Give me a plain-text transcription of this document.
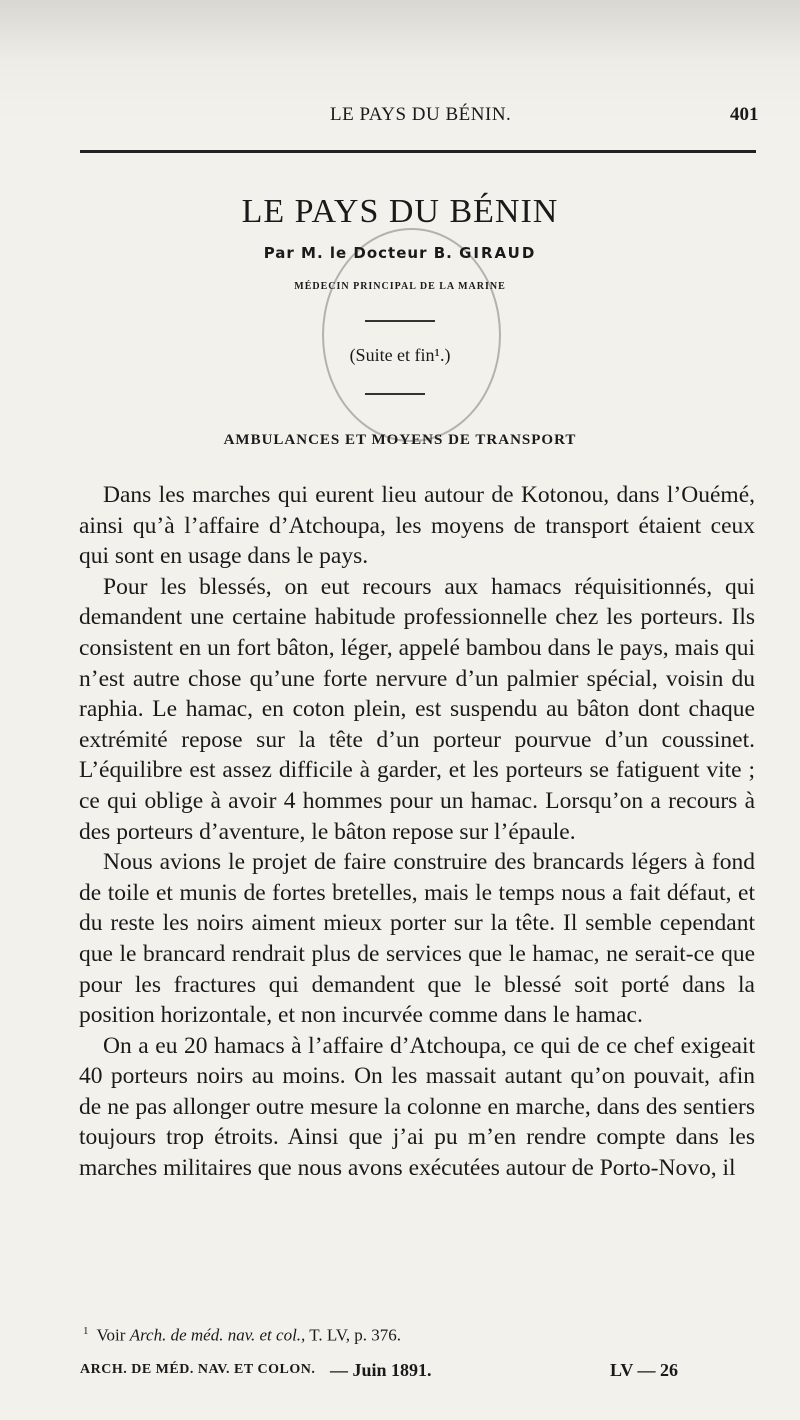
LE PAYS DU BÉNIN.	401
LE PAYS DU BÉNIN
Par M. le Docteur B. GIRAUD
MÉDECIN PRINCIPAL DE LA MARINE
(Suite et fin¹.)
AMBULANCES ET MOYENS DE TRANSPORT

Dans les marches qui eurent lieu autour de Kotonou, dans l’Ouémé, ainsi qu’à l’affaire d’Atchoupa, les moyens de transport étaient ceux qui sont en usage dans le pays.

Pour les blessés, on eut recours aux hamacs réquisitionnés, qui demandent une certaine habitude professionnelle chez les porteurs. Ils consistent en un fort bâton, léger, appelé bambou dans le pays, mais qui n’est autre chose qu’une forte nervure d’un palmier spécial, voisin du raphia. Le hamac, en coton plein, est suspendu au bâton dont chaque extrémité repose sur la tête d’un porteur pourvue d’un coussinet. L’équilibre est assez difficile à garder, et les porteurs se fatiguent vite ; ce qui oblige à avoir 4 hommes pour un hamac. Lorsqu’on a recours à des porteurs d’aventure, le bâton repose sur l’épaule.

Nous avions le projet de faire construire des brancards légers à fond de toile et munis de fortes bretelles, mais le temps nous a fait défaut, et du reste les noirs aiment mieux porter sur la tête. Il semble cependant que le brancard rendrait plus de services que le hamac, ne serait-ce que pour les fractures qui demandent que le blessé soit porté dans la position horizontale, et non incurvée comme dans le hamac.

On a eu 20 hamacs à l’affaire d’Atchoupa, ce qui de ce chef exigeait 40 porteurs noirs au moins. On les massait autant qu’on pouvait, afin de ne pas allonger outre mesure la colonne en marche, dans des sentiers toujours trop étroits. Ainsi que j’ai pu m’en rendre compte dans les marches militaires que nous avons exécutées autour de Porto-Novo, il

$^1$ Voir Arch. de méd. nav. et col., T. LV, p. 376.
ARCH. DE MÉD. NAV. ET COLON. — Juin 1891.	LV — 26
